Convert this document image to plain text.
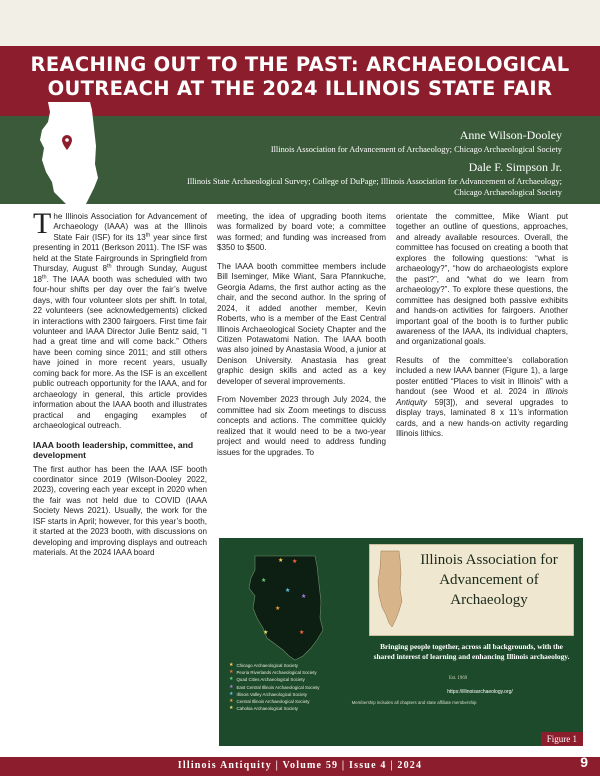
REACHING OUT TO THE PAST: ARCHAEOLOGICAL OUTREACH AT THE 2024 ILLINOIS STATE FAIR
Anne Wilson-Dooley
Illinois Association for Advancement of Archaeology; Chicago Archaeological Society
Dale F. Simpson Jr.
Illinois State Archaeological Survey; College of DuPage; Illinois Association for Advancement of Archaeology; Chicago Archaeological Society

The Illinois Association for Advancement of Archaeology (IAAA) was at the Illinois State Fair (ISF) for its 13th year since first presenting in 2011 (Berkson 2011). The ISF was held at the State Fairgrounds in Springfield from Thursday, August 8th through Sunday, August 18th. The IAAA booth was scheduled with two four-hour shifts per day over the fair’s twelve days, with four volunteer slots per shift. In total, 22 volunteers (see acknowledgements) clicked in interactions with 2300 fairgoers. First time fair volunteer and IAAA Director Julie Bentz said, “I had a great time and will come back.” Others have been coming since 2011; and still others have joined in more recent years, usually coming back for more. As the ISF is an excellent public outreach opportunity for the IAAA, and for archaeology in general, this article provides information about the IAAA booth and illustrates practical and engaging examples of archaeological outreach.

IAAA booth leadership, committee, and development

The first author has been the IAAA ISF booth coordinator since 2019 (Wilson-Dooley 2022, 2023), covering each year except in 2020 when the fair was not held due to COVID (IAAA Society News 2021). Usually, the work for the ISF starts in April; however, for this year’s booth, it started at the 2023 booth, with discussions on developing and improving displays and outreach materials. At the 2024 IAAA board

meeting, the idea of upgrading booth items was formalized by board vote; a committee was formed; and funding was increased from $350 to $500.

The IAAA booth committee members include Bill Iseminger, Mike Wiant, Sara Pfannkuche, Georgia Adams, the first author acting as the chair, and the second author. In the spring of 2024, it added another member, Kevin Roberts, who is a member of the East Central Illinois Archaeological Society Chapter and the Citizen Potawatomi Nation. The IAAA booth was also joined by Anastasia Wood, a junior at Denison University. Anastasia has great graphic design skills and acted as a key developer of several improvements.

From November 2023 through July 2024, the committee had six Zoom meetings to discuss concepts and actions. The committee quickly realized that it would need to be a two-year project and would need to address funding issues for the upgrades. To

orientate the committee, Mike Wiant put together an outline of questions, approaches, and already available resources. Overall, the committee has focused on creating a booth that explores the following questions: “what is archaeology?”, “how do archaeologists explore the past?”, and “what do we learn from archaeology?”. To explore these questions, the committee has designed both passive exhibits and hands-on activities for fairgoers. Another important goal of the booth is to further public awareness of the IAAA, its individual chapters, and organizational goals.

Results of the committee’s collaboration included a new IAAA banner (Figure 1), a large poster entitled “Places to visit in Illinois” with a handout (see Wood et al. 2024 in Illinois Antiquity 59[3]), and several upgrades to display trays, laminated 8 x 11’s information cards, and a new hands-on activity regarding Illinois lithics.

★ ★
★
★
★
★
★	★
Illinois Association for Advancement of Archaeology
Bringing people together, across all backgrounds, with the shared interest of learning and enhancing Illinois archaeology.
Est. 1969
https://illinoisarchaeology.org/
★ Chicago Archaeological Society
★ Peoria Riverlands Archaeological Society
★ Quad Cities Archaeological Society
★ East Central Illinois Archaeological Society
★ Illinois Valley Archaeological Society
★ Central Illinois Archaeological Society
★ Cahokia Archaeological Society
Membership includes all chapters and state affiliate membership
Figure 1
Illinois Antiquity | Volume 59 | Issue 4 | 2024	9
